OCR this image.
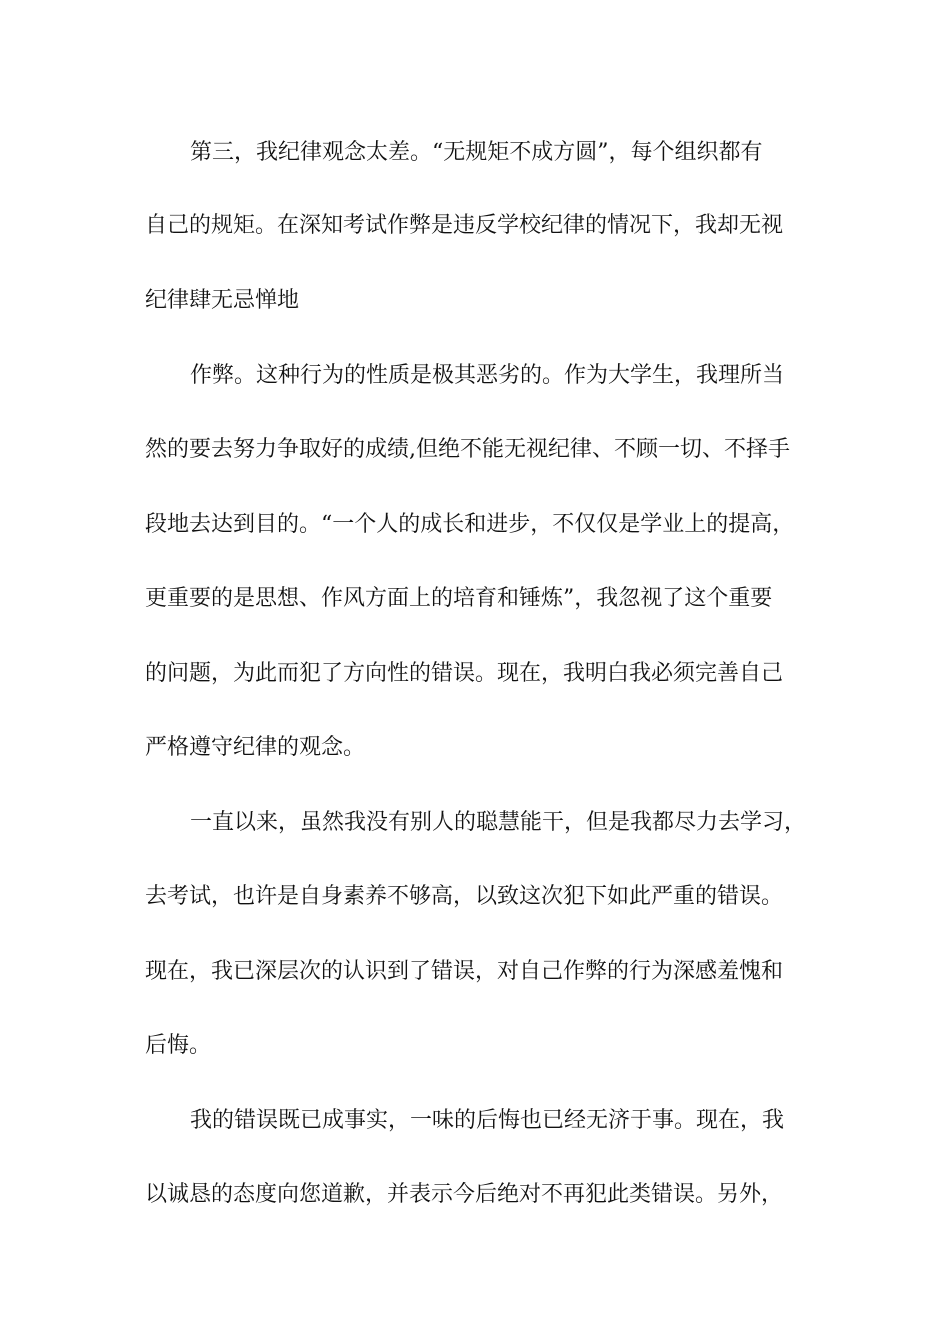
第三，我纪律观念太差。“无规矩不成方圆”，每个组织都有
自己的规矩。在深知考试作弊是违反学校纪律的情况下，我却无视
纪律肆无忌惮地
作弊。这种行为的性质是极其恶劣的。作为大学生，我理所当
然的要去努力争取好的成绩,但绝不能无视纪律、不顾一切、不择手
段地去达到目的。“一个人的成长和进步，不仅仅是学业上的提高，
更重要的是思想、作风方面上的培育和锤炼”，我忽视了这个重要
的问题，为此而犯了方向性的错误。现在，我明白我必须完善自己
严格遵守纪律的观念。
一直以来，虽然我没有别人的聪慧能干，但是我都尽力去学习，
去考试，也许是自身素养不够高，以致这次犯下如此严重的错误。
现在，我已深层次的认识到了错误，对自己作弊的行为深感羞愧和
后悔。
我的错误既已成事实，一味的后悔也已经无济于事。现在，我
以诚恳的态度向您道歉，并表示今后绝对不再犯此类错误。另外，
